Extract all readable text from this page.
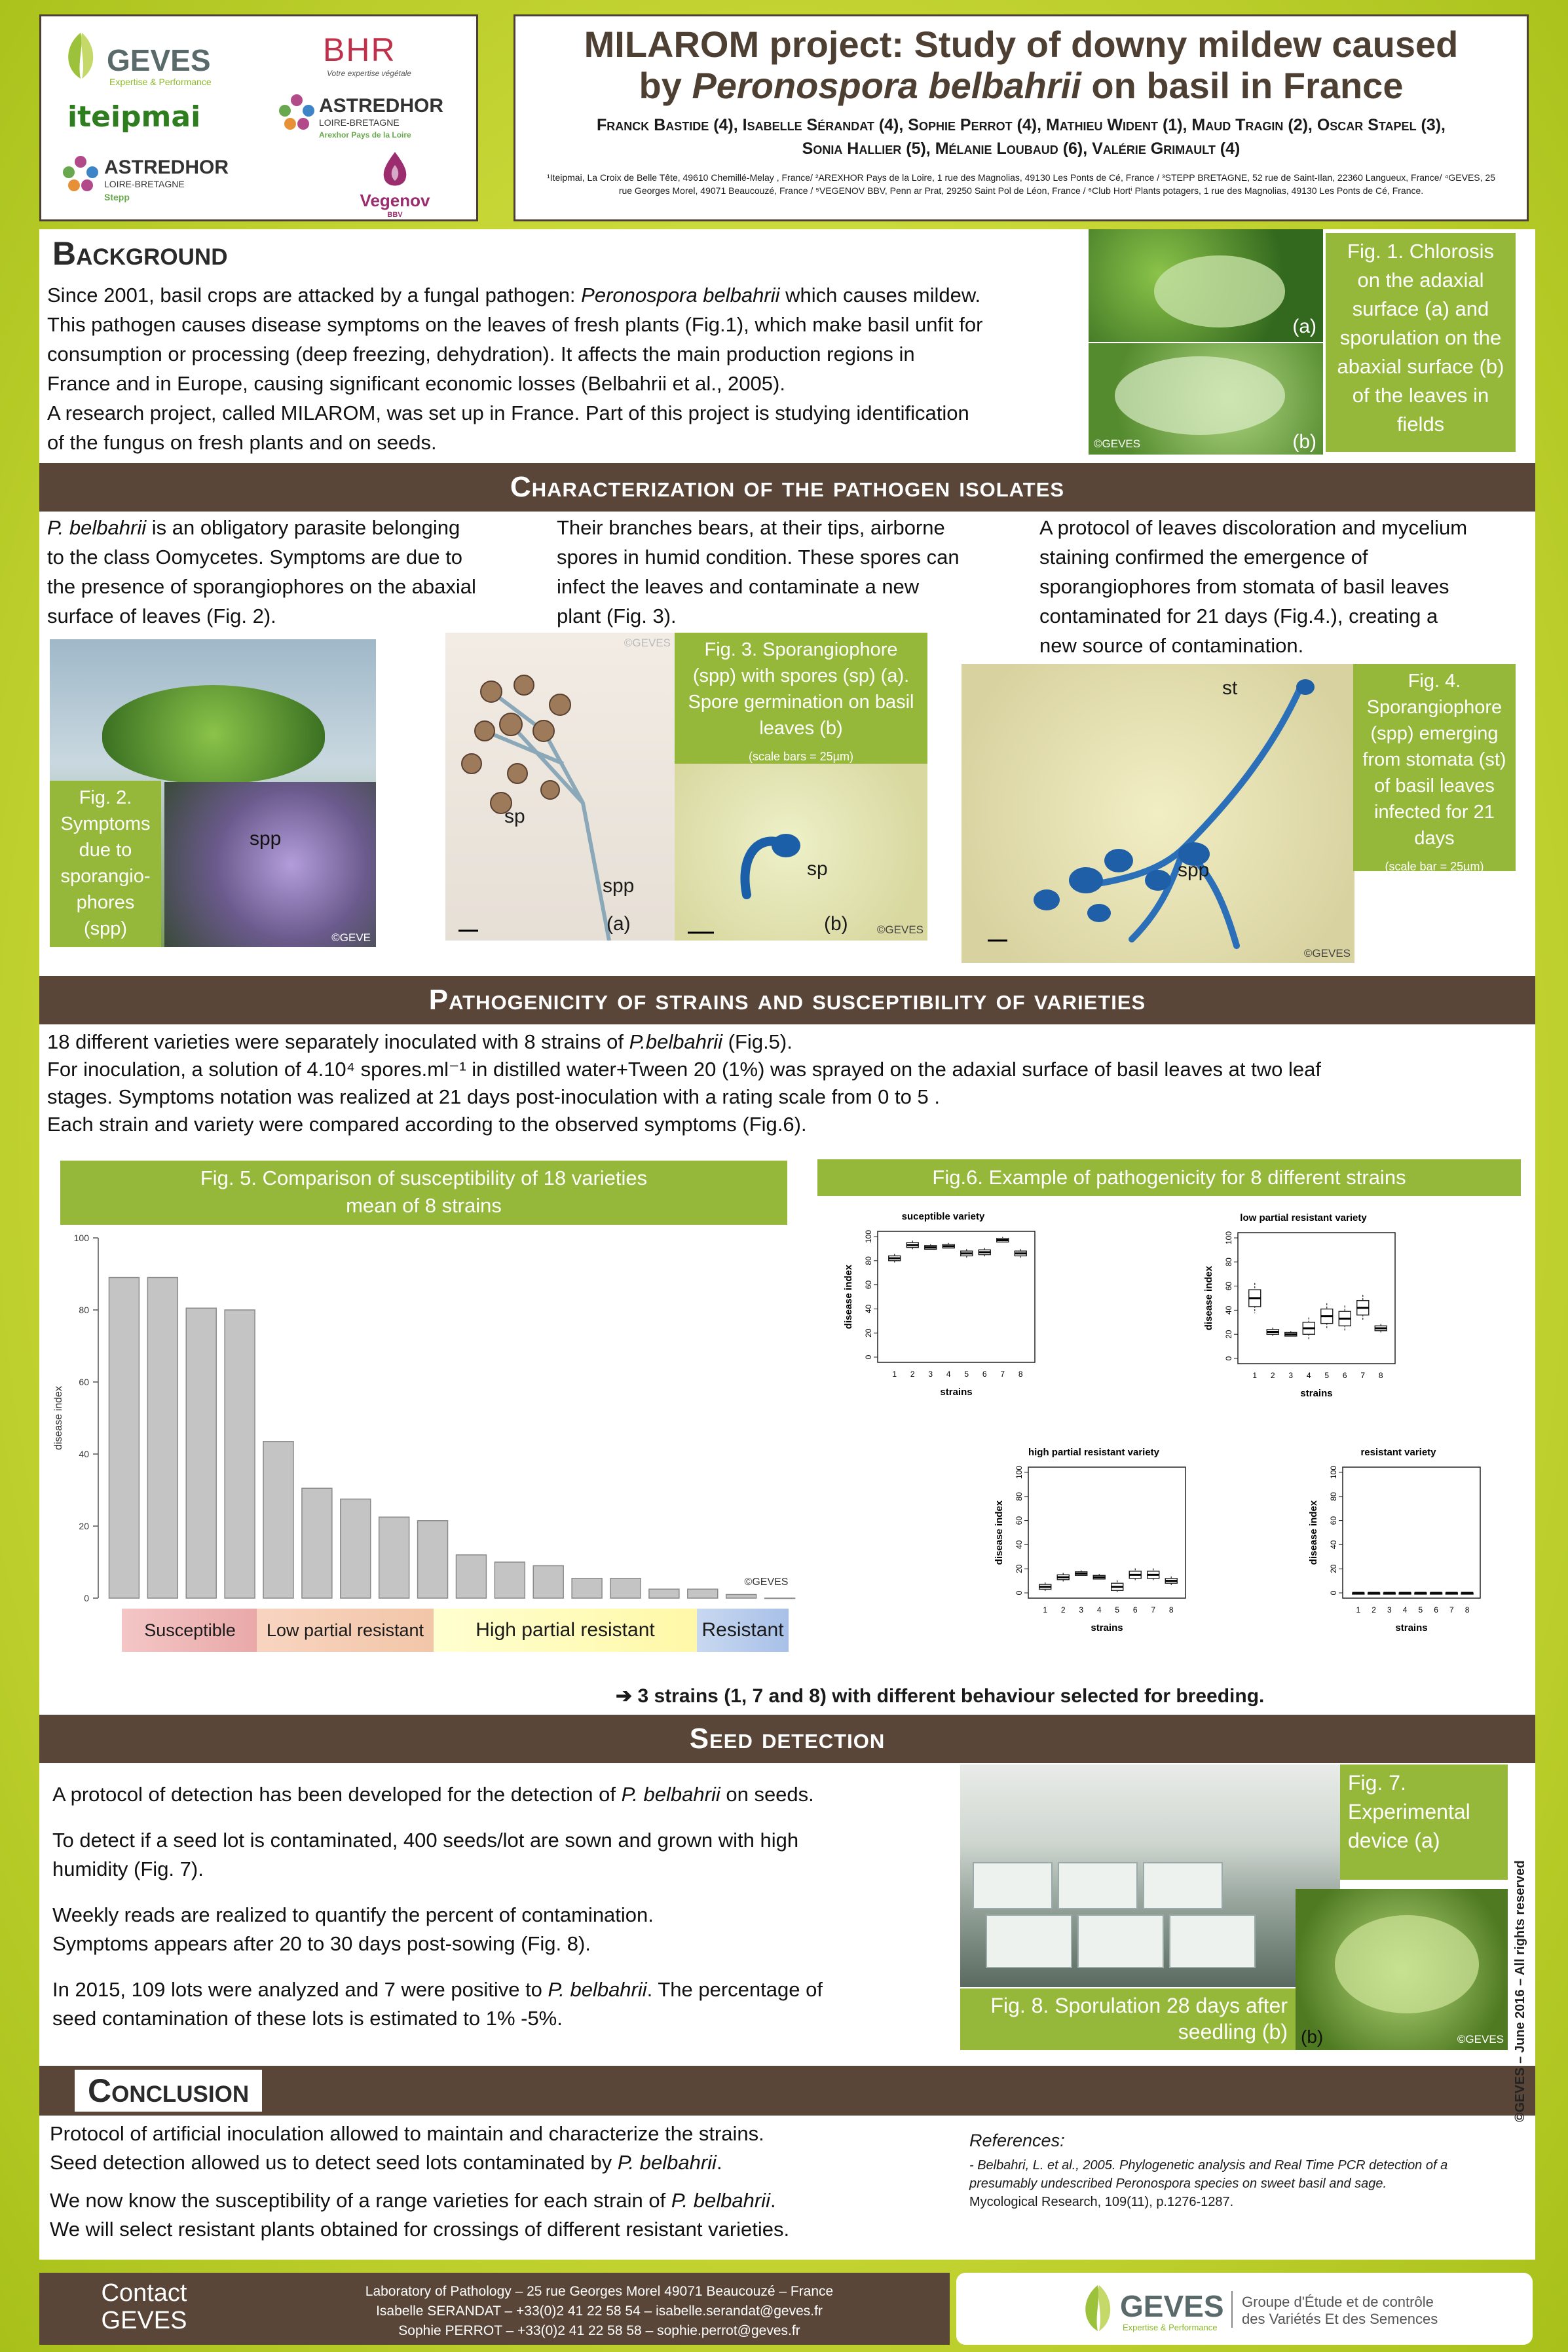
GEVES
Expertise & Performance
iteipmai
ASTREDHOR
LOIRE-BRETAGNE
Stepp
BHR
Votre expertise végétale
ASTREDHOR
LOIRE-BRETAGNE
Arexhor Pays de la Loire
Vegenov
BBV
MILAROM project: Study of downy mildew caused
by Peronospora belbahrii on basil in France
Franck Bastide (4), Isabelle Sérandat (4), Sophie Perrot (4), Mathieu Wident (1), Maud Tragin (2), Oscar Stapel (3),
Sonia Hallier (5), Mélanie Loubaud (6), Valérie Grimault (4)
¹Iteipmai, La Croix de Belle Tête, 49610 Chemillé-Melay , France/ ²AREXHOR Pays de la Loire, 1 rue des Magnolias, 49130 Les Ponts de Cé, France / ³STEPP BRETAGNE, 52 rue de Saint-Ilan, 22360 Langueux, France/ ⁴GEVES, 25
rue Georges Morel, 49071 Beaucouzé, France / ⁵VEGENOV BBV, Penn ar Prat, 29250 Saint Pol de Léon, France / ⁶Club Hortⁱ Plants potagers, 1 rue des Magnolias, 49130 Les Ponts de Cé, France.
Background
Since 2001, basil crops are attacked by a fungal pathogen: Peronospora belbahrii which causes mildew.
This pathogen causes disease symptoms on the leaves of fresh plants (Fig.1), which make basil unfit for
consumption or processing (deep freezing, dehydration). It affects the main production regions in
France and in Europe, causing significant economic losses (Belbahrii et al., 2005).
A research project, called MILAROM, was set up in France. Part of this project is studying identification
of the fungus on fresh plants and on seeds.
(a)
(b)
©GEVES
Fig. 1. Chlorosis on the adaxial surface (a) and sporulation on the abaxial surface (b) of the leaves in fields
Characterization of the pathogen isolates
P. belbahrii is an obligatory parasite belonging
to the class Oomycetes. Symptoms are due to
the presence of sporangiophores on the abaxial
surface of leaves (Fig. 2).
Their branches bears, at their tips, airborne
spores in humid condition. These spores can
infect the leaves and contaminate a new
plant (Fig. 3).
A protocol of leaves discoloration and mycelium
staining confirmed the emergence of
sporangiophores from stomata of basil leaves
contaminated for 21 days (Fig.4.), creating a
new source of contamination.
spp
©GEVE
Fig. 2. Symptoms due to sporangio-phores (spp)
sp
spp
(a)
©GEVES
sp
(b)	©GEVES
Fig. 3. Sporangiophore (spp) with spores (sp) (a). Spore germination on basil leaves (b)
(scale bars = 25µm)
st
spp
©GEVES
Fig. 4. Sporangiophore (spp) emerging from stomata (st) of basil leaves infected for 21 days
(scale bar = 25µm)
Pathogenicity of strains and susceptibility of varieties
18 different varieties were separately inoculated with 8 strains of P.belbahrii (Fig.5).
For inoculation, a solution of 4.10⁴ spores.ml⁻¹ in distilled water+Tween 20 (1%) was sprayed on the adaxial surface of basil leaves at two leaf
stages. Symptoms notation was realized at 21 days post-inoculation with a rating scale from 0 to 5 .
Each strain and variety were compared according to the observed symptoms (Fig.6).
Fig. 5. Comparison of susceptibility of 18 varieties
mean of 8 strains
Fig.6. Example of pathogenicity for 8 different strains
0
20
40
60
80
100
disease index
©GEVES
Susceptible	Low partial resistant	High partial resistant	Resistant
suceptible variety
0
20
40
60
80
100
disease index
1 2 3 4 5 6 7 8
strains
low partial resistant variety
0
20
40
60
80
100
disease index
1 2 3 4 5 6 7 8
strains
high partial resistant variety
0
20
40
60
80
100
disease index
1 2 3 4 5 6 7 8
strains
resistant variety
0
20
40
60
80
100
disease index
1 2 3 4 5 6 7 8
strains
➔ 3 strains (1, 7 and 8) with different behaviour selected for breeding.
Seed detection
A protocol of detection has been developed for the detection of P. belbahrii on seeds.
To detect if a seed lot is contaminated, 400 seeds/lot are sown and grown with high
humidity (Fig. 7).
Weekly reads are realized to quantify the percent of contamination.
Symptoms appears after 20 to 30 days post-sowing (Fig. 8).
In 2015, 109 lots were analyzed and 7 were positive to P. belbahrii. The percentage of
seed contamination of these lots is estimated to 1% -5%.
Fig. 7. Experimental device (a)
(b)	©GEVES
Fig. 8. Sporulation 28 days after seedling (b)
Conclusion
Protocol of artificial inoculation allowed to maintain and characterize the strains.
Seed detection allowed us to detect seed lots contaminated by P. belbahrii.
We now know the susceptibility of a range varieties for each strain of P. belbahrii.
We will select resistant plants obtained for crossings of different resistant varieties.
References:
- Belbahri, L. et al., 2005. Phylogenetic analysis and Real Time PCR detection of a
presumably undescribed Peronospora species on sweet basil and sage.
Mycological Research, 109(11), p.1276-1287.
Contact
GEVES
Laboratory of Pathology – 25 rue Georges Morel 49071 Beaucouzé – France
Isabelle SERANDAT – +33(0)2 41 22 58 54 – isabelle.serandat@geves.fr
Sophie PERROT – +33(0)2 41 22 58 58 – sophie.perrot@geves.fr
GEVES
Expertise & Performance
Groupe d'Étude et de contrôle
des Variétés Et des Semences
©GEVES – June 2016 – All rights reserved
